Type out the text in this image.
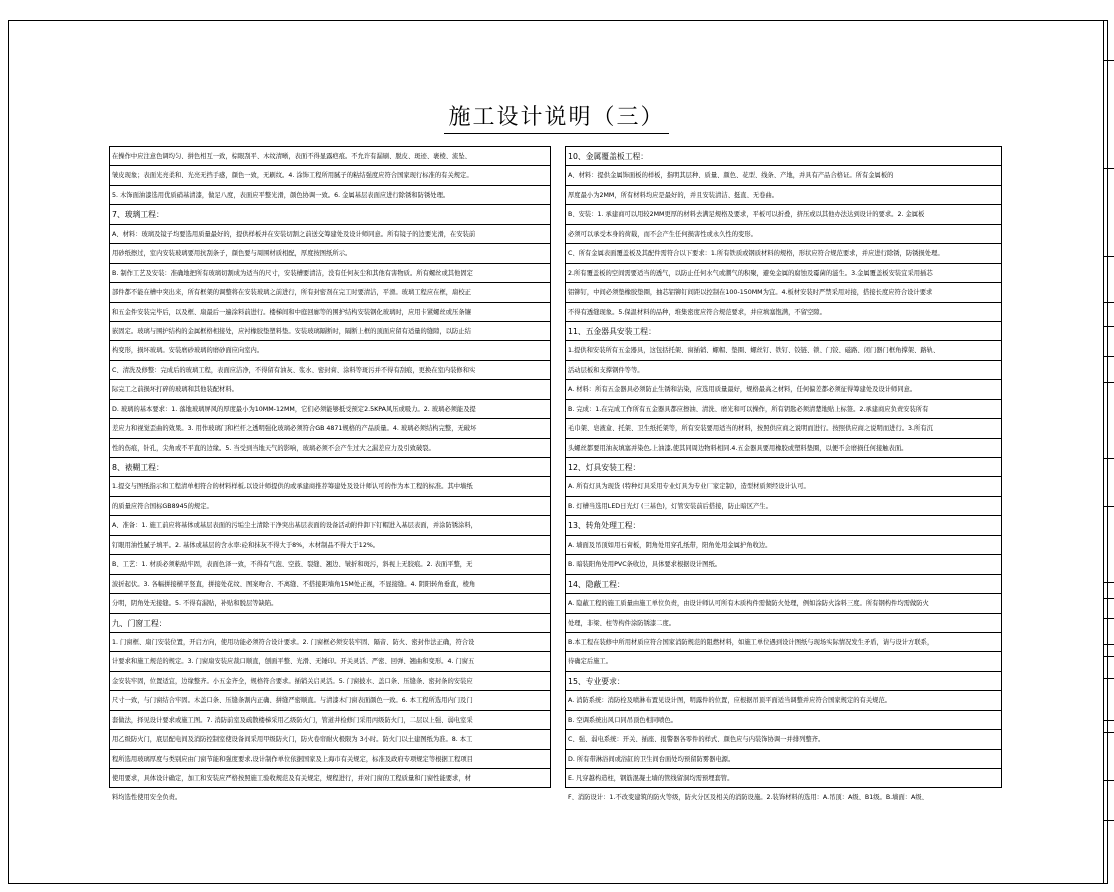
施工设计说明（三）
在操作中应注意色调均匀、拼色相互一致，棕眼刮平、木纹清晰，表面不得显露疤痕。不允许有漏刷、脱皮、斑迹、裹棱、流坠、
皱皮现象；表面光亮柔和、光亮无挡手感，颜色一致，无刷纹。4. 涂饰工程所用腻子的粘结强度应符合国家现行标准的有关规定。
5. 木饰面油漆选用优质硝基清漆，做足八度，表面应平整光滑，颜色协调一致。6. 金属基层表面应进行除锈和防锈处理。
7、玻璃工程：
A、材料：玻璃及镜子均要选用质量最好的，提供样板并在安装切割之前送交筹建处及设计师同意。所有镜子的边要光滑，在安装前
用砂纸擦过，室内安装玻璃要用抗刮条子，颜色要与周围材质相配，厚度按图纸所示。
B. 制作工艺及安装：准确地把所有玻璃切割成为适当的尺寸，安装槽要清洁，没有任何灰尘和其他有害物质。所有螺丝或其他固定
部件都不能在槽中突出来，所有框架的调整将在安装玻璃之前进行，所有封密剂在完工时要清洁，平滑。玻璃工程应在框，扇校正
和五金件安装完毕后，以及框、扇最后一遍涂料前进行。楼梯间和中庭回廊等的围护结构安装钢化玻璃时，应用卡紧螺丝或压条镶
嵌固定。玻璃与围护结构的金属框格相接处，应衬橡胶垫塑料垫。安装玻璃隔断时，隔断上框的顶面应留有适量的缝隙，以防止结
构变形，损坏玻璃。安装磨砂玻璃的磨砂面应向室内。
C、清洗及修整：完成后的玻璃工程，表面应洁净，不得留有油灰、浆水、密封膏、涂料等斑污并不得有刮痕，更换在室内装修和实
际完工之前损坏打碎的玻璃和其他装配材料。
D. 玻璃的基本要求：1. 落地玻璃屏风的厚度最小为10MM-12MM，它们必须能够抵受预定2.5KPA风压或吸力。2. 玻璃必须能及提
差应力和视觉歪曲的效果。3. 用作玻璃门和栏杆之透明强化玻璃必须符合GB 4871规格的产品质量。4. 玻璃必须结构完整，无破坏
性的伤痕，针孔，尖角或不平直的边缘。5. 当受到当地天气的影响，玻璃必须不会产生过大之漏差应力及引致破裂。
8、裱糊工程：
1.提交与图纸指示和工程清单相符合的材料样板,以设计师提供的或承建商推荐筹建处及设计师认可的作为本工程的标准。其中墙纸
的质量应符合国标GB8945的规定。
A、准备：1. 施工前应将基体或基层表面的污垢尘土清除干净突出基层表面的设备活动附件卸下钉帽进入基层表面，并涂防锈涂料，
钉眼用油性腻子填平。2. 基体或基层的含水率:砼和抹灰不得大于8%，木材制品不得大于12%。
B、工艺：1. 材质必须粘贴牢固，表面色泽一致，不得有气泡、空鼓、裂缝、翘边、皱折和斑污，斜视上无胶痕。2. 表面平整，无
波折起伏。3. 各幅拼接横平竖直，拼接处花纹、图案吻合、不离缝、不搭接距墙角15M处正视，不显接缝。4. 阴阳转角垂直，棱角
分明，阴角处无接缝。5. 不得有漏贴，补贴和脱层等缺陷。
九、门窗工程：
1. 门窗框、扇门安装位置，开启方向，使用功能必须符合设计要求。2. 门窗框必须安装牢固、隔音、防火、密封作法正确，符合设
计要求和施工规范的规定。3. 门窗扇安装应裁口顺直，刨面平整、光滑、无锤印。开关灵活、严密、回弹、翘曲和变形。4. 门窗五
金安装牢固，位置适宜，边缘整齐。小五金齐全，规格符合要求。插销关启灵活。5. 门窗披水、盖口条、压缝条、密封条的安装应
尺寸一致，与门窗结合牢固。木盖口条、压缝条割内正确、拼缝严密顺直。与清漆木门窗表面颜色一致。6. 本工程所选用内门及门
套做法，择见设计要求或施工图。7. 消防前室及疏散楼梯采用乙级防火门，管道井检修门采用丙级防火门，二层以上强、弱电室采
用乙级防火门，底层配电间及消防控制室使设备间采用甲级防火门，防火卷帘耐火极限为 3小时。防火门以土建图纸为准。8. 本工
程所选用玻璃厚度与类别应由门窗节能和强度要求,设计制作单位依据国家及上海市有关规定，标准及政府专项规定等根据工程项目
使用要求，具体设计确定，加工和安装应严格按照施工验收规范及有关规定，规程进行，并对门窗的工程质量和门窗性能要求，材
料均选性使用安全负责。
10、金属覆盖板工程：
A、材料：提供金属饰面板的样板，指明其层种、质量、颜色、花型、线条、产地，并具有产品合格证。所有金属板的
厚度最小为2MM，所有材料均应是最好的，并且安装清洁、挺直、无卷曲。
B、安装：1. 承建商可以用较2MM更厚的材料去满足规格及要求，平板可以折叠，挤压或以其他办法达到设计的要求。2. 金属板
必须可以承受本身的荷载，而不会产生任何损害性或永久性的变形。
C、所有金属表面覆盖板及其配件需符合以下要求：1.所有铁质或钢质材料的规格，形状应符合规范要求，并应进行除锈，防锈损处理。
2.所有覆盖板的空间需要适当的透气，以防止任何水气或潮气的积聚，避免金属的腐蚀及霉菌的滋生。3.金属覆盖板安装宜采用插芯
铝铆钉，中间必须垫橡胶垫圈，抽芯铝铆钉间距以控制在100-150MM为宜。4.板材安装时严禁采用对接，搭接长度应符合设计要求
不得有透缝现象。5.保温材料的品种，堆集密度应符合规范要求，并应填塞饱满，不留空隙。
11、五金器具安装工程：
1.提供和安装所有五金器具，这包括托架、窗插销、螺帽、垫圈、螺丝钉、铁钉、铰链、锁、门铰、磁路、闭门器门框角撑架、路轨、
活动层板和支撑钢件等等。
A. 材料：所有五金器具必须防止生锈和沾染，应选用质量最好，规格最高之材料，任何偏差都必须征得筹建处及设计师同意。
B. 完成：1.在完成工作所有五金器具都应擦油、清洗、磨光和可以操作，所有钥匙必须清楚地贴上标签。2.承建商应负责安装所有
毛巾架、皂液盒、托架、卫生纸托架等，所有安装要用适当的材料，按照供应商之说明而进行。按照供应商之说明而进行。3.所有沉
头螺丝都要用油灰填塞并染色,上油漆,使其同周边物料相同.4.五金器具要用橡胶或塑料垫圈，以便不会磨损任何接触表面。
12、灯具安装工程：
A. 所有灯具为现货 (特种灯具采用专业灯具为专业厂家定制)，造型材质须经设计认可。
B. 灯槽当选用LED日光灯 (三基色)，灯管安装前后搭接，防止暗区产生。
13、转角处理工程：
A. 墙面及吊顶如用石膏板，阴角处用穿孔纸带，阳角处用金属护角收边。
B. 暗装阳角处用PVC条收边，具体要求根据设计图纸。
14、隐蔽工程：
A. 隐蔽工程的施工质量由施工单位负责，由设计师认可所有木质构件需做防火处理，例如涂防火涂料三度。所有钢构件均需做防火
处理，非梁、柱等构件涂防锈漆二度。
B.本工程在装修中所用材质应符合国家消防规范的阻燃材料，如施工单位遇到设计图纸与现场实际情况发生矛盾，请与设计方联系，
待确定后施工。
15、专业要求：
A. 消防系统：消防栓及喷淋布置见设计图，明露件的位置，应根据吊顶平面适当调整并应符合国家规定的有关规范。
B. 空调系统出风口同吊顶色相同喷色。
C、强、弱电系统：开关、插座、报警器各零件的样式、颜色应与内装饰协调一并排列整齐。
D. 所有带淋浴间或浴缸的卫生间台面处均预留防雾器电源。
E. 凡穿越构造柱，钢筋混凝土墙的管线留洞均需预埋套管。
F、消防设计：1.不改变建筑的防火等级，防火分区及相关的消防设施。2.装饰材料的选用：A.吊顶：A级、B1级。B.墙面：A级、
